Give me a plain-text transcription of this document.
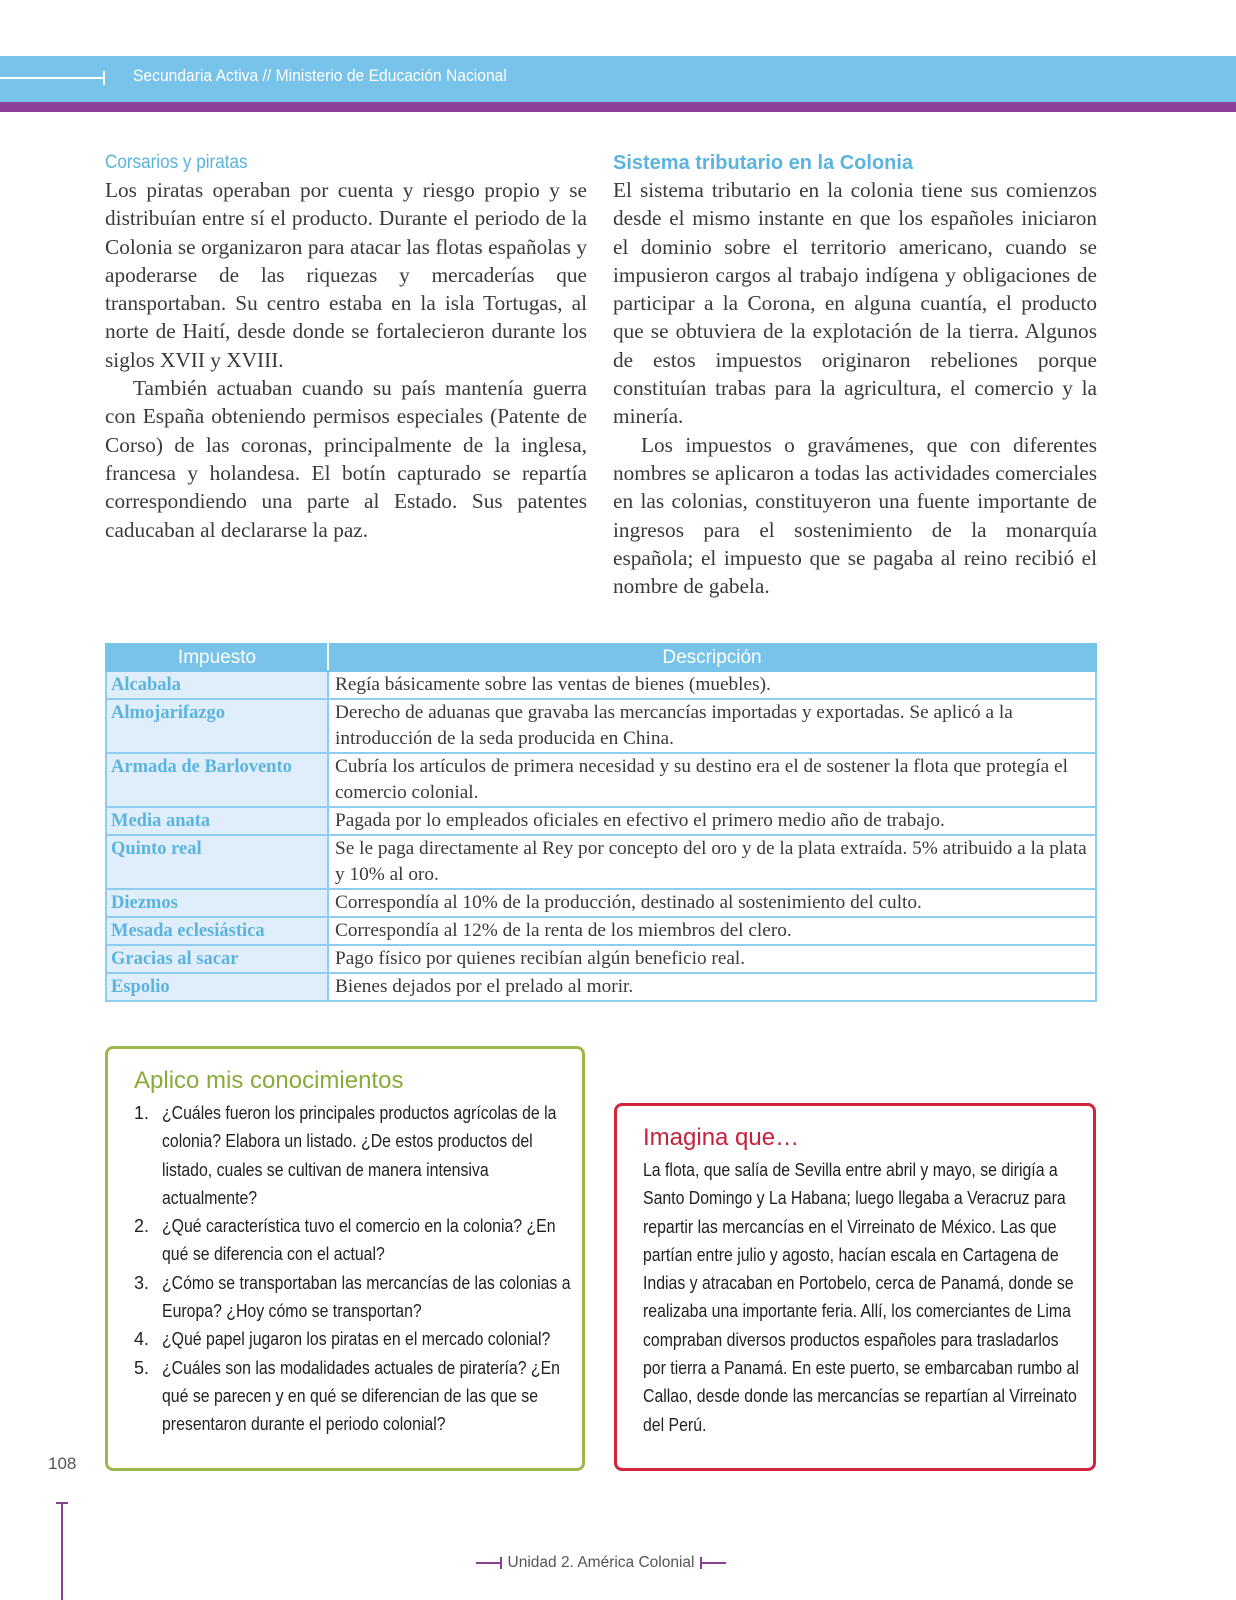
Secundaria Activa // Ministerio de Educación Nacional
Corsarios y piratas

Los piratas operaban por cuenta y riesgo propio y se distribuían entre sí el producto. Durante el periodo de la Colonia se organizaron para atacar las flotas españolas y apoderarse de las riquezas y mercaderías que transportaban. Su centro estaba en la isla Tortugas, al norte de Haití, desde donde se fortalecieron durante los siglos XVII y XVIII.

También actuaban cuando su país mantenía guerra con España obteniendo permisos especiales (Patente de Corso) de las coronas, principalmente de la inglesa, francesa y holandesa. El botín capturado se repartía correspondiendo una parte al Estado. Sus patentes caducaban al declararse la paz.

Sistema tributario en la Colonia

El sistema tributario en la colonia tiene sus comienzos desde el mismo instante en que los españoles iniciaron el dominio sobre el territorio americano, cuando se impusieron cargos al trabajo indígena y obligaciones de participar a la Corona, en alguna cuantía, el producto que se obtuviera de la explotación de la tierra. Algunos de estos impuestos originaron rebeliones porque constituían trabas para la agricultura, el comercio y la minería.

Los impuestos o gravámenes, que con diferentes nombres se aplicaron a todas las actividades comerciales en las colonias, constituyeron una fuente importante de ingresos para el sostenimiento de la monarquía española; el impuesto que se pagaba al reino recibió el nombre de gabela.

Impuesto	Descripción
Alcabala	Regía básicamente sobre las ventas de bienes (muebles).
Almojarifazgo	Derecho de aduanas que gravaba las mercancías importadas y exportadas. Se aplicó a la introducción de la seda producida en China.
Armada de Barlovento	Cubría los artículos de primera necesidad y su destino era el de sostener la flota que protegía el comercio colonial.
Media anata	Pagada por lo empleados oficiales en efectivo el primero medio año de trabajo.
Quinto real	Se le paga directamente al Rey por concepto del oro y de la plata extraída. 5% atribuido a la plata y 10% al oro.
Diezmos	Correspondía al 10% de la producción, destinado al sostenimiento del culto.
Mesada eclesiástica	Correspondía al 12% de la renta de los miembros del clero.
Gracias al sacar	Pago físico por quienes recibían algún beneficio real.
Espolio	Bienes dejados por el prelado al morir.
Aplico mis conocimientos
1. ¿Cuáles fueron los principales productos agrícolas de la colonia? Elabora un listado. ¿De estos productos del listado, cuales se cultivan de manera intensiva actualmente?
2. ¿Qué característica tuvo el comercio en la colonia? ¿En qué se diferencia con el actual?
3. ¿Cómo se transportaban las mercancías de las colonias a Europa? ¿Hoy cómo se transportan?
4. ¿Qué papel jugaron los piratas en el mercado colonial?
5. ¿Cuáles son las modalidades actuales de piratería? ¿En qué se parecen y en qué se diferencian de las que se presentaron durante el periodo colonial?
Imagina que…
La flota, que salía de Sevilla entre abril y mayo, se dirigía a Santo Domingo y La Habana; luego llegaba a Veracruz para repartir las mercancías en el Virreinato de México. Las que partían entre julio y agosto, hacían escala en Cartagena de Indias y atracaban en Portobelo, cerca de Panamá, donde se realizaba una importante feria. Allí, los comerciantes de Lima compraban diversos productos españoles para trasladarlos por tierra a Panamá. En este puerto, se embarcaban rumbo al Callao, desde donde las mercancías se repartían al Virreinato del Perú.
108
Unidad 2. América Colonial
